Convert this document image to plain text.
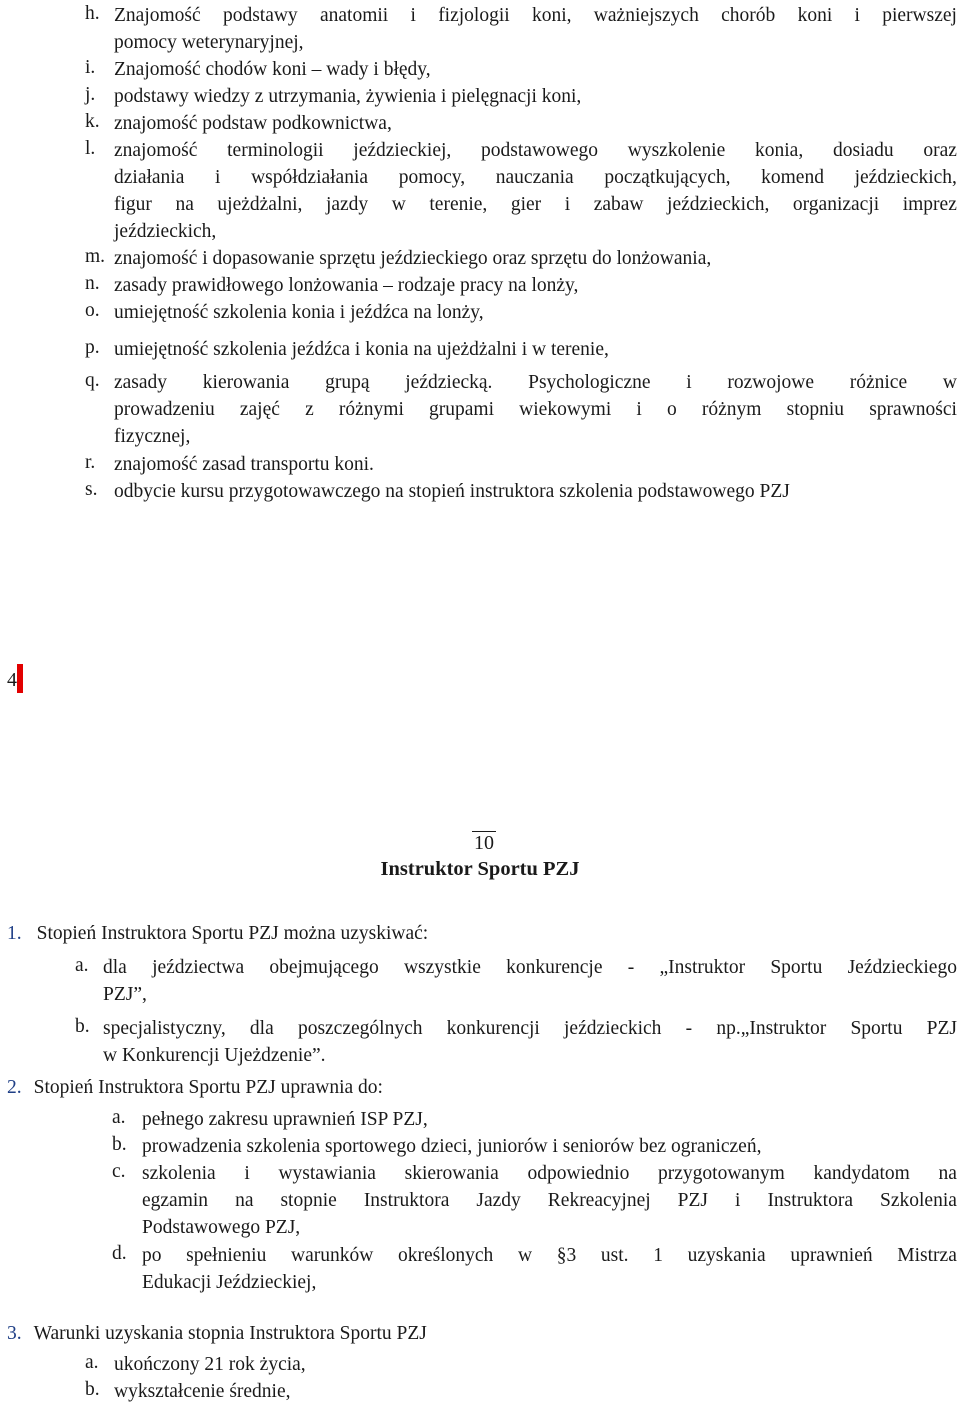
h. Znajomość podstawy anatomii i fizjologii koni, ważniejszych chorób koni i pierwszej
pomocy weterynaryjnej,
i. Znajomość chodów koni – wady i błędy,
j. podstawy wiedzy z utrzymania, żywienia i pielęgnacji koni,
k. znajomość podstaw podkownictwa,
l. znajomość terminologii jeździeckiej, podstawowego wyszkolenie konia, dosiadu oraz
działania i współdziałania pomocy, nauczania początkujących, komend jeździeckich,
figur na ujeżdżalni, jazdy w terenie, gier i zabaw jeździeckich, organizacji imprez
jeździeckich,
m. znajomość i dopasowanie sprzętu jeździeckiego oraz sprzętu do lonżowania,
n. zasady prawidłowego lonżowania – rodzaje pracy na lonży,
o. umiejętność szkolenia konia i jeźdźca na lonży,
p. umiejętność szkolenia jeźdźca i konia na ujeżdżalni i w terenie,
q. zasady kierowania grupą jeździecką. Psychologiczne i rozwojowe różnice w
prowadzeniu zajęć z różnymi grupami wiekowymi i o różnym stopniu sprawności
fizycznej,
r. znajomość zasad transportu koni.
s. odbycie kursu przygotowawczego na stopień instruktora szkolenia podstawowego PZJ
4
10
Instruktor Sportu PZJ
1. Stopień Instruktora Sportu PZJ można uzyskiwać:
a. dla jeździectwa obejmującego wszystkie konkurencje - „Instruktor Sportu Jeździeckiego
PZJ”,
b. specjalistyczny, dla poszczególnych konkurencji jeździeckich - np.„Instruktor Sportu PZJ
w Konkurencji Ujeżdzenie”.
2. Stopień Instruktora Sportu PZJ uprawnia do:
a. pełnego zakresu uprawnień ISP PZJ,
b. prowadzenia szkolenia sportowego dzieci, juniorów i seniorów bez ograniczeń,
c. szkolenia i wystawiania skierowania odpowiednio przygotowanym kandydatom na
egzamin na stopnie Instruktora Jazdy Rekreacyjnej PZJ i Instruktora Szkolenia
Podstawowego PZJ,
d. po spełnieniu warunków określonych w §3 ust. 1 uzyskania uprawnień Mistrza
Edukacji Jeździeckiej,
3. Warunki uzyskania stopnia Instruktora Sportu PZJ
a. ukończony 21 rok życia,
b. wykształcenie średnie,
